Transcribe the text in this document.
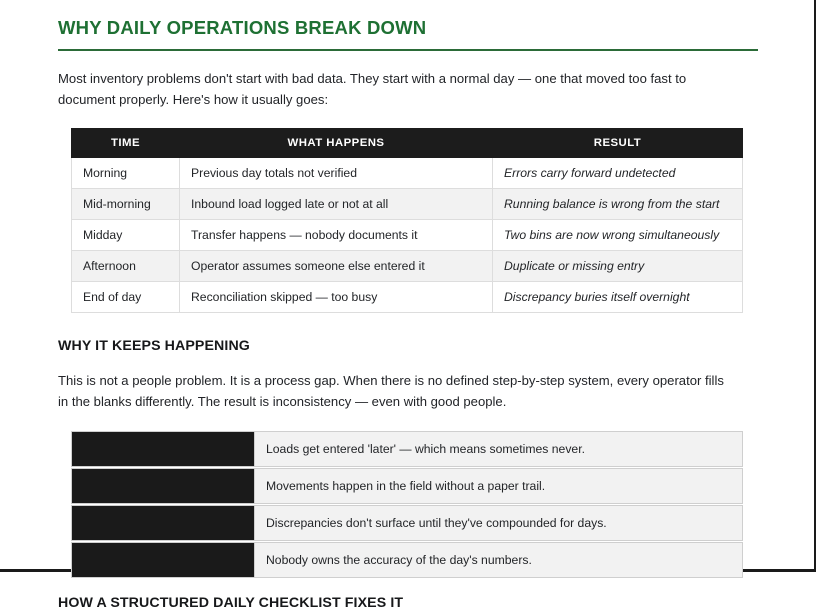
WHY DAILY OPERATIONS BREAK DOWN

Most inventory problems don't start with bad data. They start with a normal day — one that moved too fast to document properly. Here's how it usually goes:

TIME	WHAT HAPPENS	RESULT
Morning	Previous day totals not verified	Errors carry forward undetected
Mid-morning	Inbound load logged late or not at all	Running balance is wrong from the start
Midday	Transfer happens — nobody documents it	Two bins are now wrong simultaneously
Afternoon	Operator assumes someone else entered it	Duplicate or missing entry
End of day	Reconciliation skipped — too busy	Discrepancy buries itself overnight
WHY IT KEEPS HAPPENING

This is not a people problem. It is a process gap. When there is no defined step-by-step system, every operator fills in the blanks differently. The result is inconsistency — even with good people.

Loads get entered 'later' — which means sometimes never.
Movements happen in the field without a paper trail.
Discrepancies don't surface until they've compounded for days.
Nobody owns the accuracy of the day's numbers.
HOW A STRUCTURED DAILY CHECKLIST FIXES IT
